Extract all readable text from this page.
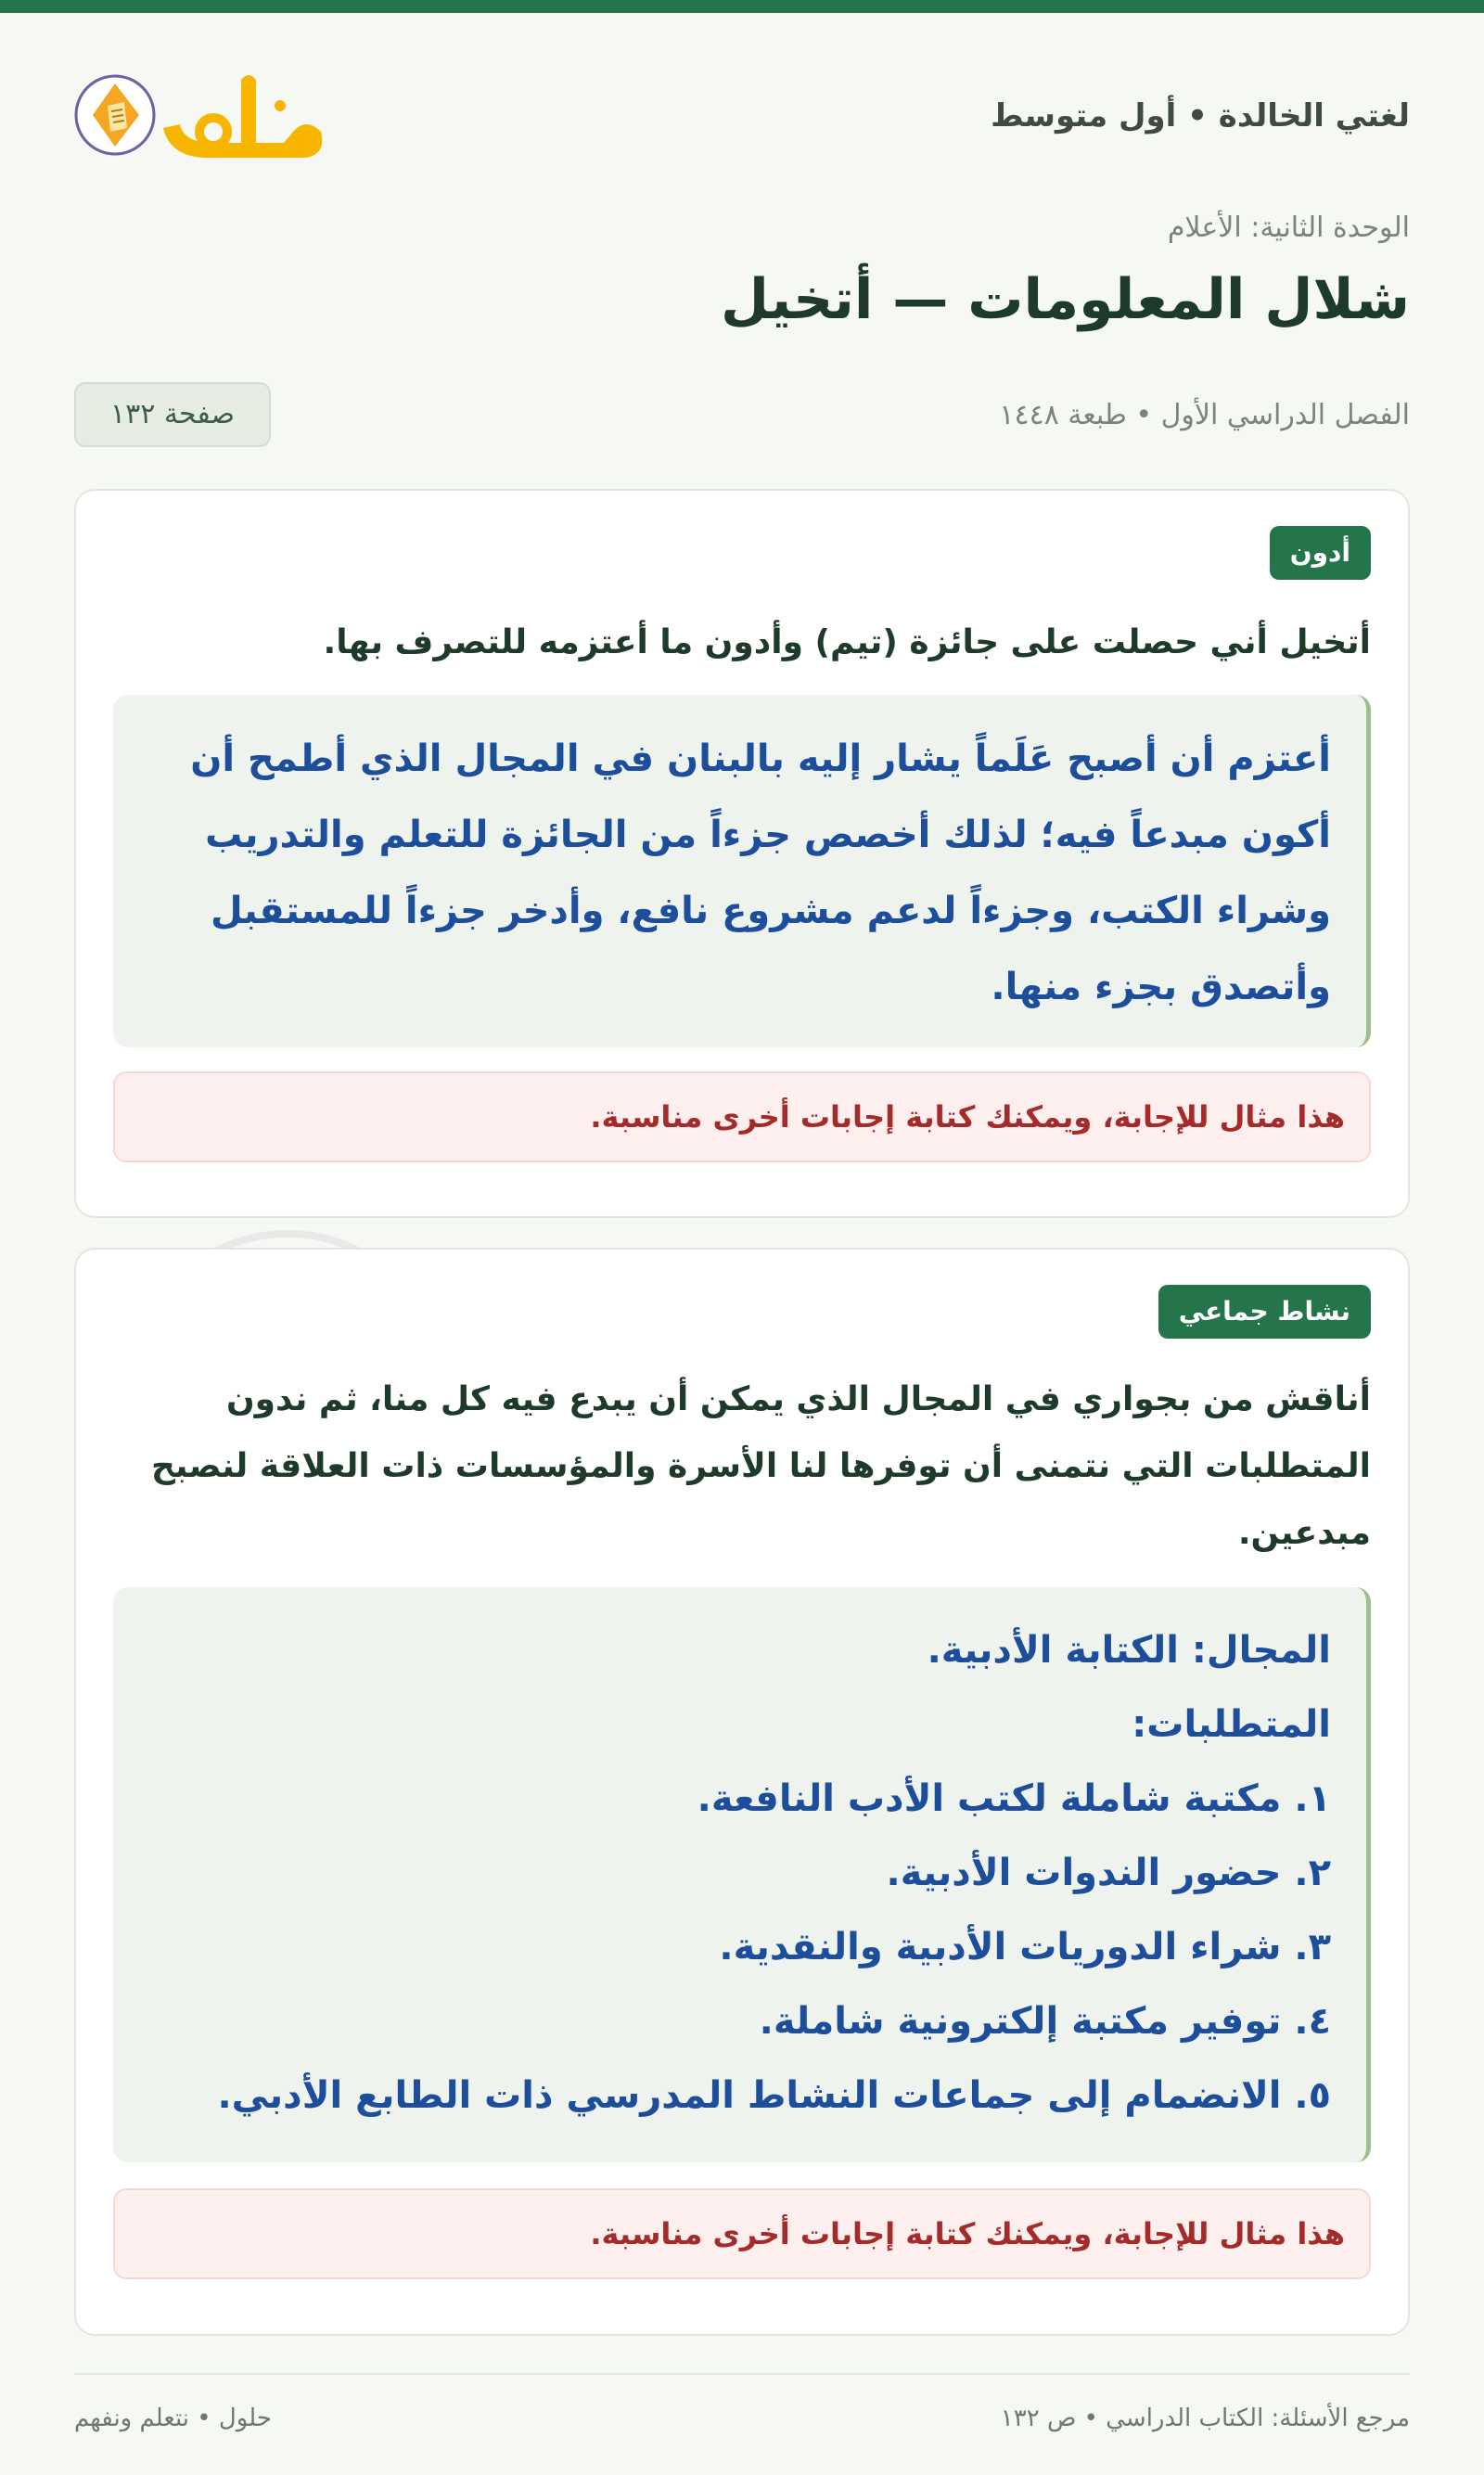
لغتي الخالدة • أول متوسط
الوحدة الثانية: الأعلام
شلال المعلومات — أتخيل
الفصل الدراسي الأول • طبعة ١٤٤٨
صفحة ١٣٢
أدون
أتخيل أني حصلت على جائزة (تيم) وأدون ما أعتزمه للتصرف بها.
أعتزم أن أصبح عَلَماً يشار إليه بالبنان في المجال الذي أطمح أن أكون مبدعاً فيه؛ لذلك أخصص جزءاً من الجائزة للتعلم والتدريب وشراء الكتب، وجزءاً لدعم مشروع نافع، وأدخر جزءاً للمستقبل وأتصدق بجزء منها.
هذا مثال للإجابة، ويمكنك كتابة إجابات أخرى مناسبة.
نشاط جماعي
أناقش من بجواري في المجال الذي يمكن أن يبدع فيه كل منا، ثم ندون المتطلبات التي نتمنى أن توفرها لنا الأسرة والمؤسسات ذات العلاقة لنصبح مبدعين.
المجال: الكتابة الأدبية.
المتطلبات:
١. مكتبة شاملة لكتب الأدب النافعة.
٢. حضور الندوات الأدبية.
٣. شراء الدوريات الأدبية والنقدية.
٤. توفير مكتبة إلكترونية شاملة.
٥. الانضمام إلى جماعات النشاط المدرسي ذات الطابع الأدبي.
هذا مثال للإجابة، ويمكنك كتابة إجابات أخرى مناسبة.
مرجع الأسئلة: الكتاب الدراسي • ص ١٣٢
حلول • نتعلم ونفهم
